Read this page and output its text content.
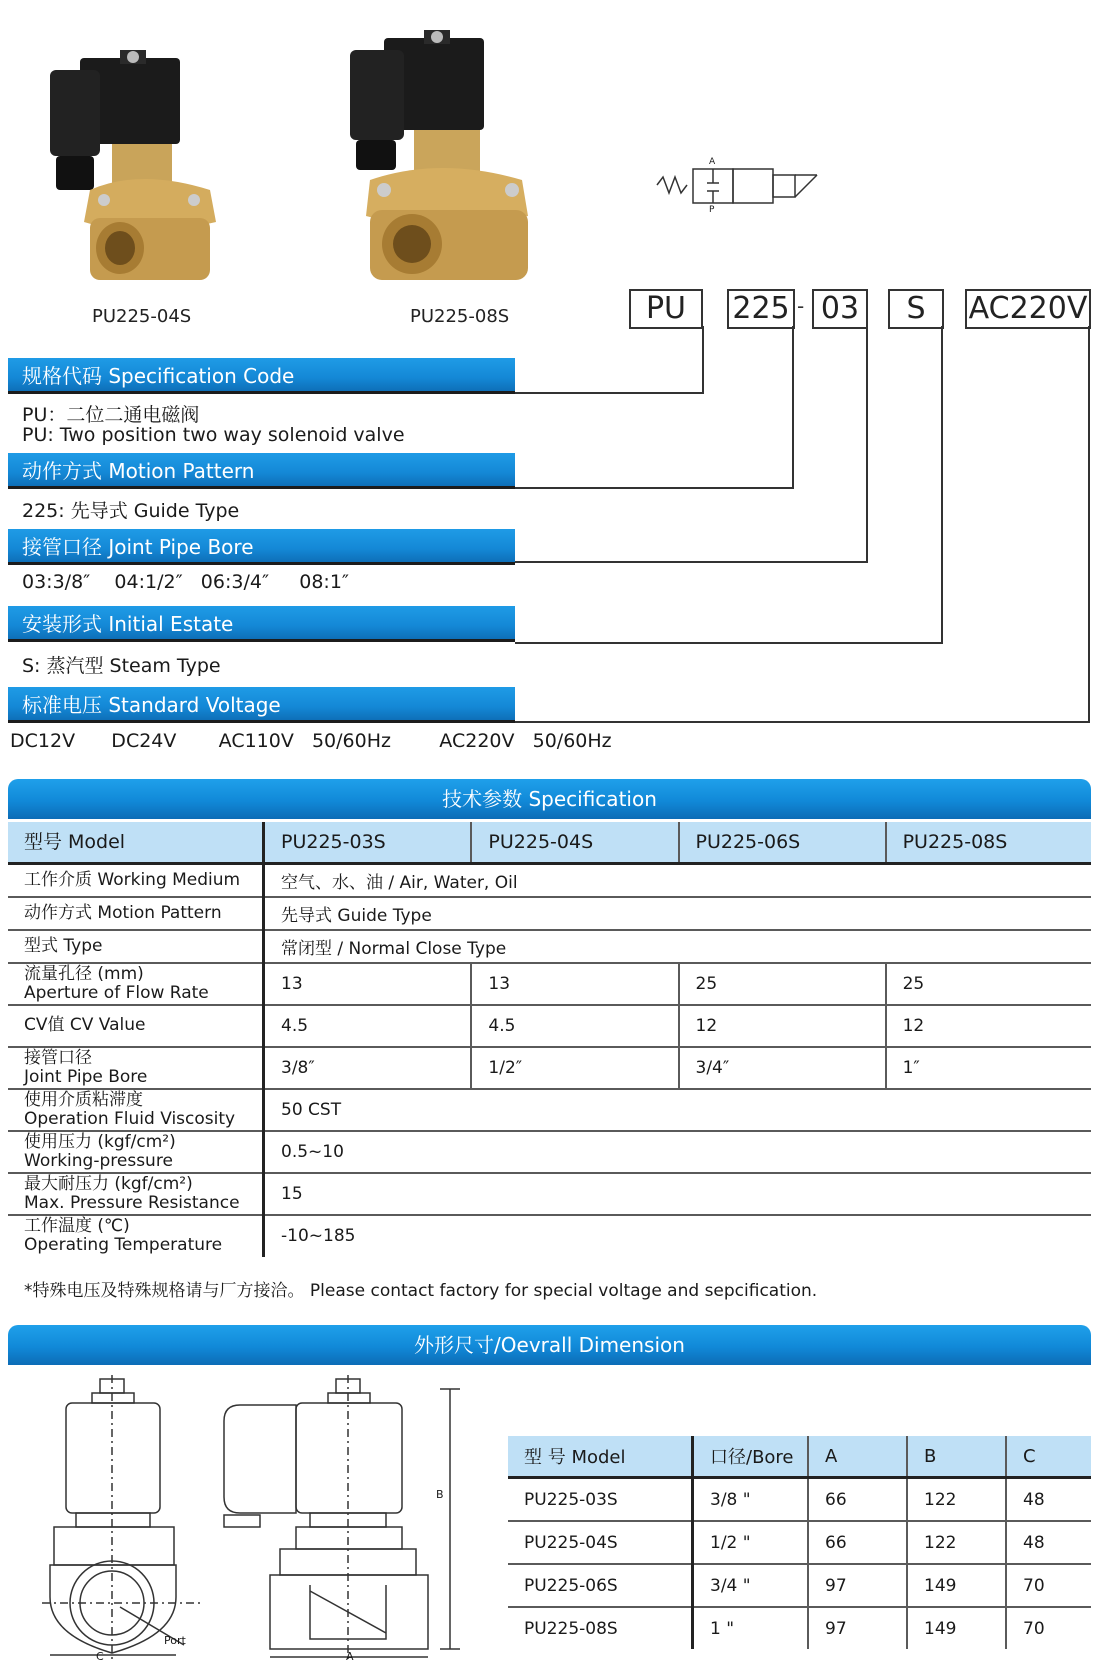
PU225-04S	PU225-08S
A
P
PU	225 - 03	S	AC220V
规格代码 Specification Code
PU：二位二通电磁阀
PU: Two position two way solenoid valve
动作方式 Motion Pattern
225: 先导式 Guide Type
接管口径 Joint Pipe Bore
03:3/8″    04:1/2″   06:3/4″     08:1″
安装形式 Initial Estate
S: 蒸汽型 Steam Type
标准电压 Standard Voltage
DC12V      DC24V       AC110V   50/60Hz        AC220V   50/60Hz
技术参数 Specification
型号 Model	PU225-03S	PU225-04S	PU225-06S	PU225-08S
工作介质 Working Medium	空气、水、油 / Air, Water, Oil			
动作方式 Motion Pattern	先导式 Guide Type			
型式 Type	常闭型 / Normal Close Type			

流量孔径 (mm)
Aperture of Flow Rate	13	13	25	25
CV值 CV Value	4.5	4.5	12	12

接管口径
Joint Pipe Bore	3/8″	1/2″	3/4″	1″

使用介质粘滞度
Operation Fluid Viscosity	50 CST			

使用压力 (kgf/cm²)
Working-pressure	0.5~10			

最大耐压力 (kgf/cm²)
Max. Pressure Resistance	15			

工作温度 (℃)
Operating Temperature	-10~185			
*特殊电压及特殊规格请与厂方接洽。 Please contact factory for special voltage and sepcification.
外形尺寸/Oevrall Dimension
Port
C
B
A
型 号 Model	口径/Bore	A	B	C
PU225-03S	3/8 "	66	122	48
PU225-04S	1/2 "	66	122	48
PU225-06S	3/4 "	97	149	70
PU225-08S	1 "	97	149	70
